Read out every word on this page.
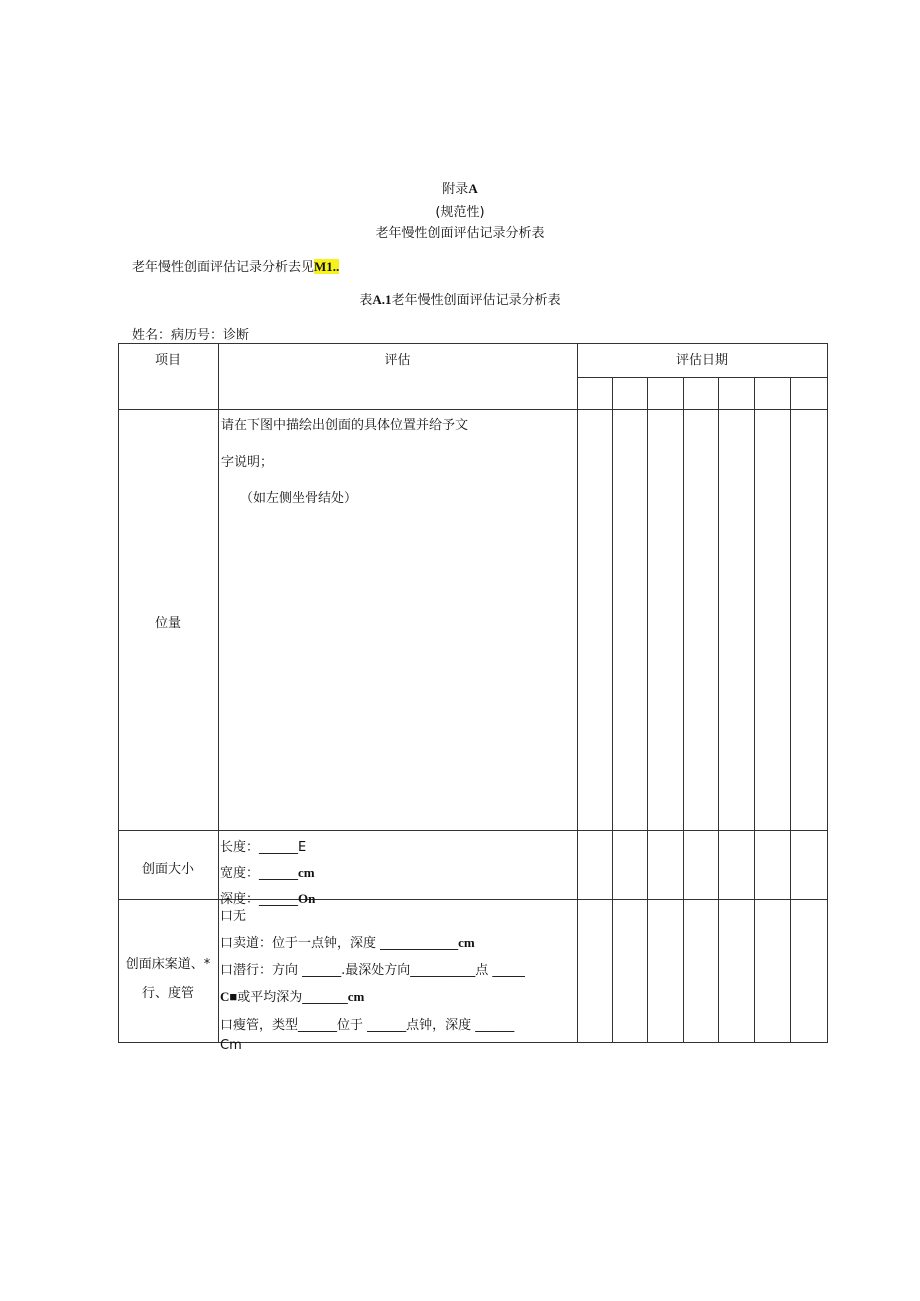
附录A
(规范性)
老年慢性创面评估记录分析表
老年慢性创面评估记录分析去见M1..
表A.1老年慢性创面评估记录分析表
姓名：病历号：诊断
项目	评估	评估日期
位量
请在下图中描绘出创面的具体位置并给予文
字说明；
（如左侧坐骨结处）
创面大小
长度：______E
宽度：______cm
深度：______On
创面床案道、*
行、度管
口无
口卖道：位于一点钟，深度 ____________cm
口潜行：方向 ______.最深处方向__________点 _____
C■或平均深为_______cm
口瘦管，类型______位于 ______点钟，深度 ______
Cm
